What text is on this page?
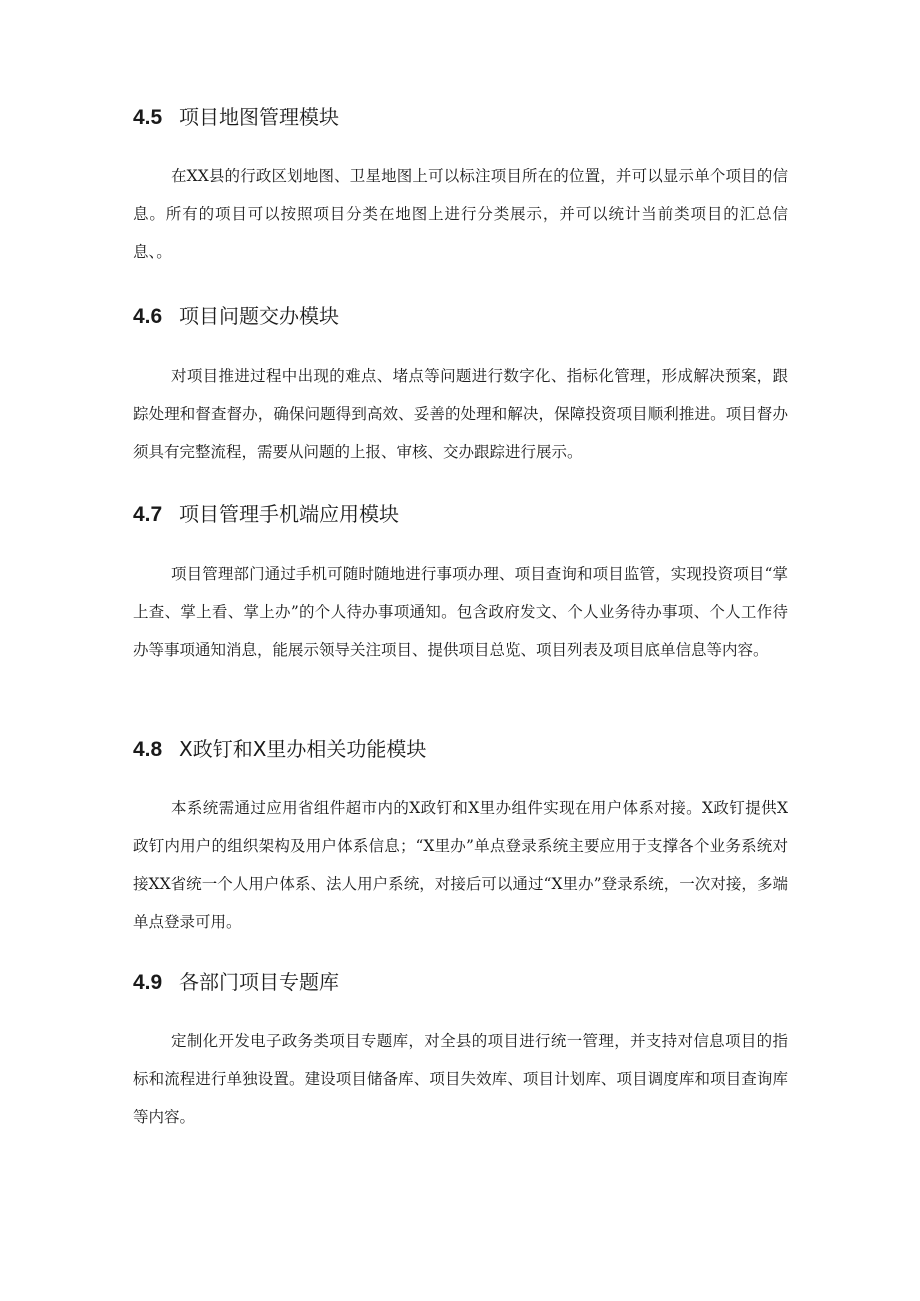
4.5 项目地图管理模块
在XX县的行政区划地图、卫星地图上可以标注项目所在的位置，并可以显示单个项目的信息。所有的项目可以按照项目分类在地图上进行分类展示，并可以统计当前类项目的汇总信息、。
4.6 项目问题交办模块
对项目推进过程中出现的难点、堵点等问题进行数字化、指标化管理，形成解决预案，跟踪处理和督查督办，确保问题得到高效、妥善的处理和解决，保障投资项目顺利推进。项目督办须具有完整流程，需要从问题的上报、审核、交办跟踪进行展示。
4.7 项目管理手机端应用模块
项目管理部门通过手机可随时随地进行事项办理、项目查询和项目监管，实现投资项目“掌上查、掌上看、掌上办”的个人待办事项通知。包含政府发文、个人业务待办事项、个人工作待办等事项通知消息，能展示领导关注项目、提供项目总览、项目列表及项目底单信息等内容。
4.8 X政钉和X里办相关功能模块
本系统需通过应用省组件超市内的X政钉和X里办组件实现在用户体系对接。X政钉提供X政钉内用户的组织架构及用户体系信息；“X里办”单点登录系统主要应用于支撑各个业务系统对接XX省统一个人用户体系、法人用户系统，对接后可以通过“X里办”登录系统，一次对接，多端单点登录可用。
4.9 各部门项目专题库
定制化开发电子政务类项目专题库，对全县的项目进行统一管理，并支持对信息项目的指标和流程进行单独设置。建设项目储备库、项目失效库、项目计划库、项目调度库和项目查询库等内容。
